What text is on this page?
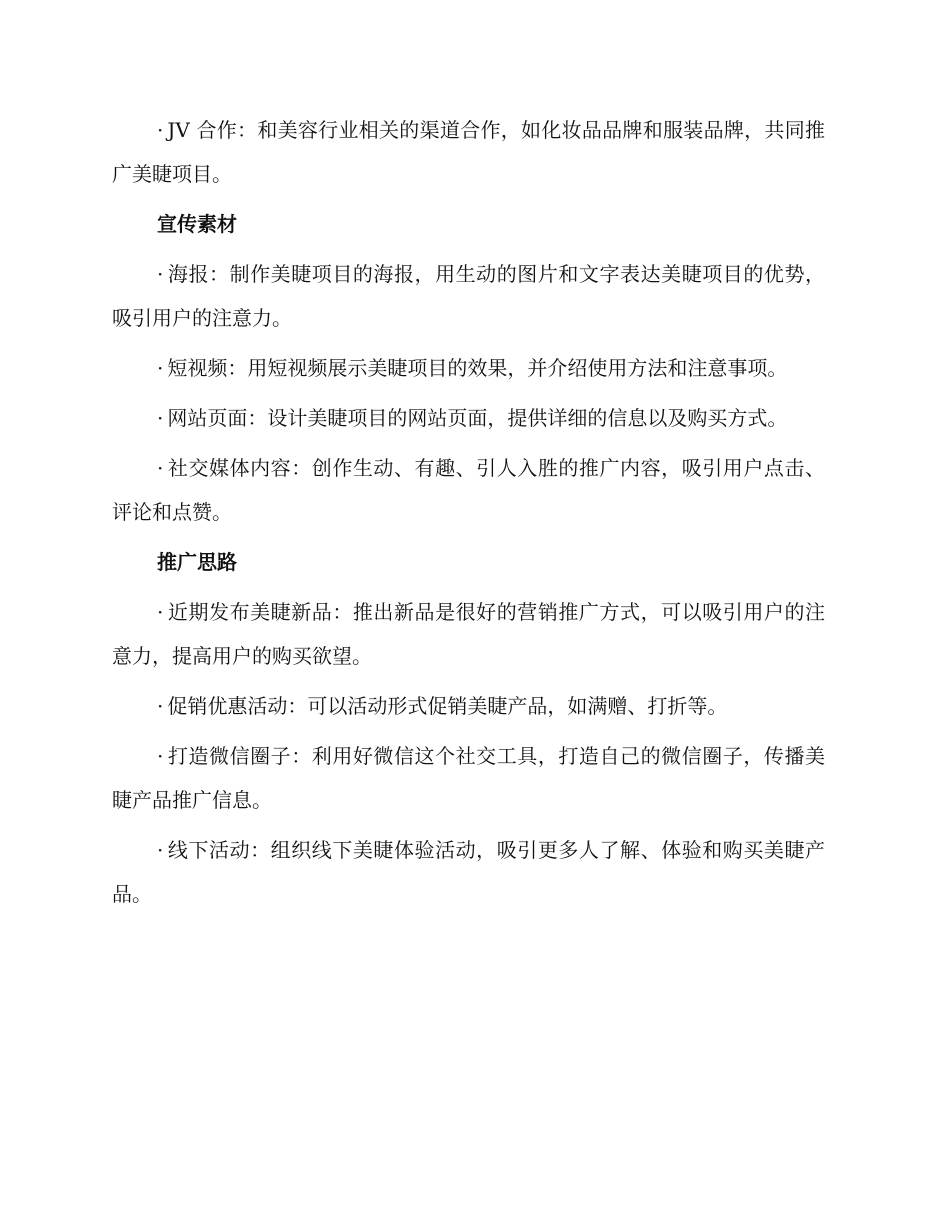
· JV 合作：和美容行业相关的渠道合作，如化妆品品牌和服装品牌，共同推广美睫项目。

宣传素材

· 海报：制作美睫项目的海报，用生动的图片和文字表达美睫项目的优势，吸引用户的注意力。

· 短视频：用短视频展示美睫项目的效果，并介绍使用方法和注意事项。

· 网站页面：设计美睫项目的网站页面，提供详细的信息以及购买方式。

· 社交媒体内容：创作生动、有趣、引人入胜的推广内容，吸引用户点击、评论和点赞。

推广思路

· 近期发布美睫新品：推出新品是很好的营销推广方式，可以吸引用户的注意力，提高用户的购买欲望。

· 促销优惠活动：可以活动形式促销美睫产品，如满赠、打折等。

· 打造微信圈子：利用好微信这个社交工具，打造自己的微信圈子，传播美睫产品推广信息。

· 线下活动：组织线下美睫体验活动，吸引更多人了解、体验和购买美睫产品。
